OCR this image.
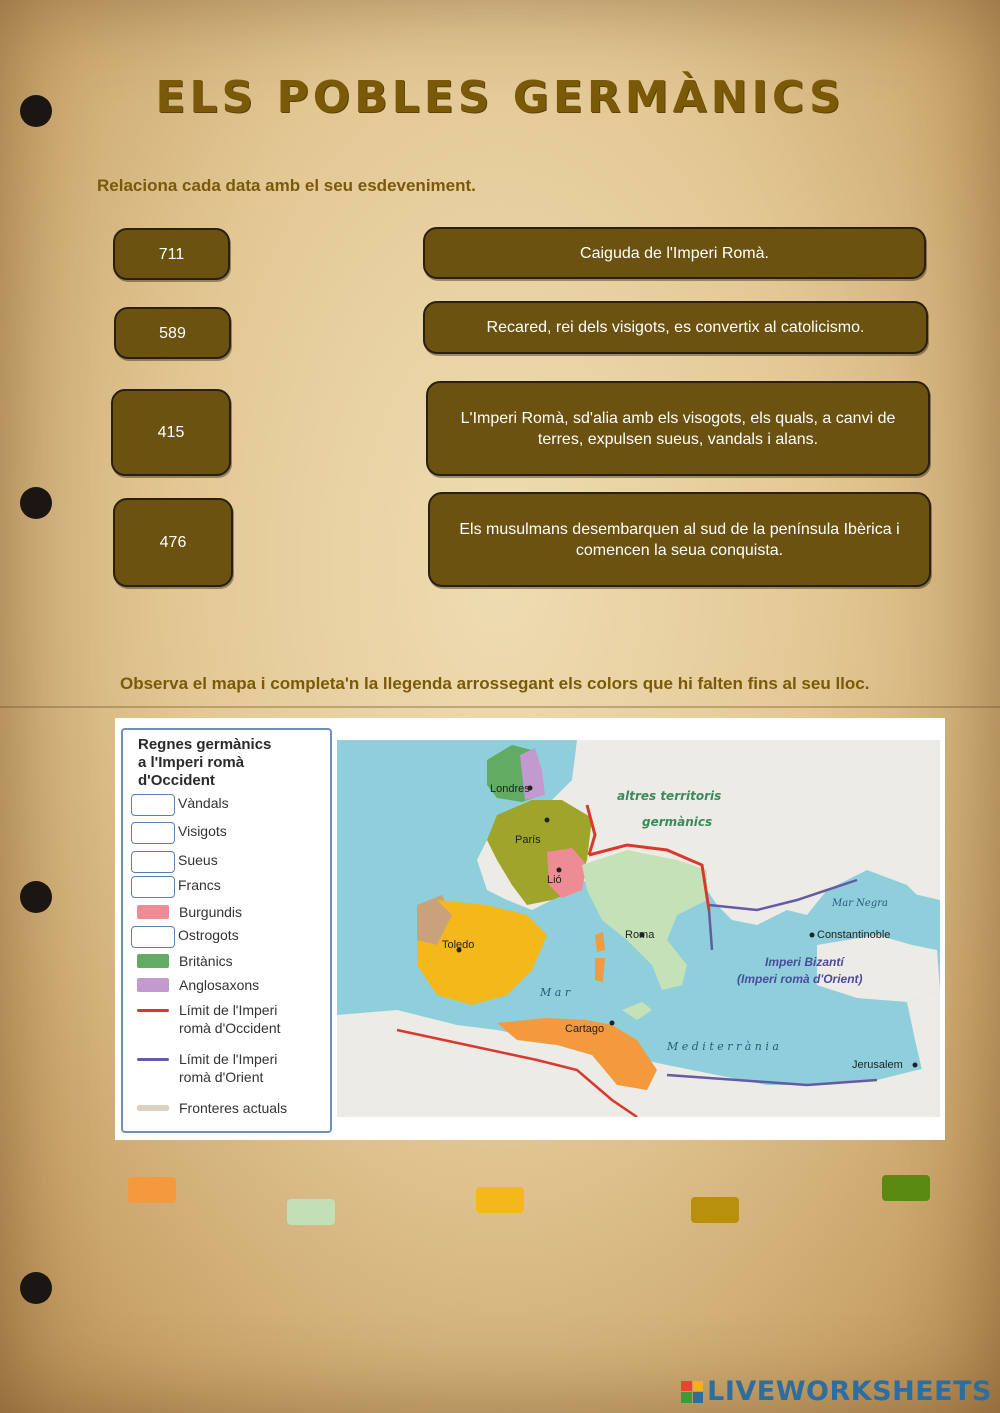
ELS POBLES GERMÀNICS
Relaciona cada data amb el seu esdeveniment.
711
589
415
476
Caiguda de l'Imperi Romà.
Recared, rei dels visigots, es convertix al catolicismo.
L'Imperi Romà, sd'alia amb els visogots, els quals, a canvi de terres, expulsen sueus, vandals i alans.
Els musulmans desembarquen al sud de la península Ibèrica i comencen la seua conquista.
Observa el mapa i completa'n la llegenda arrossegant els colors que hi falten fins al seu lloc.
Regnes germànics
a l'Imperi romà
d'Occident
Vàndals
Visigots
Sueus
Francs
Burgundis
Ostrogots
Britànics
Anglosaxons
Límit de l'Imperi romà d'Occident
Límit de l'Imperi romà d'Orient
Fronteres actuals
altres territoris
germànics
Londres
París
Lió
Toledo
Roma
Cartago
M a r
M e d i t e r r à n i a
Mar Negra
Constantinoble
Imperi Bizantí
(Imperi romà d'Orient)
Jerusalem
LIVEWORKSHEETS
